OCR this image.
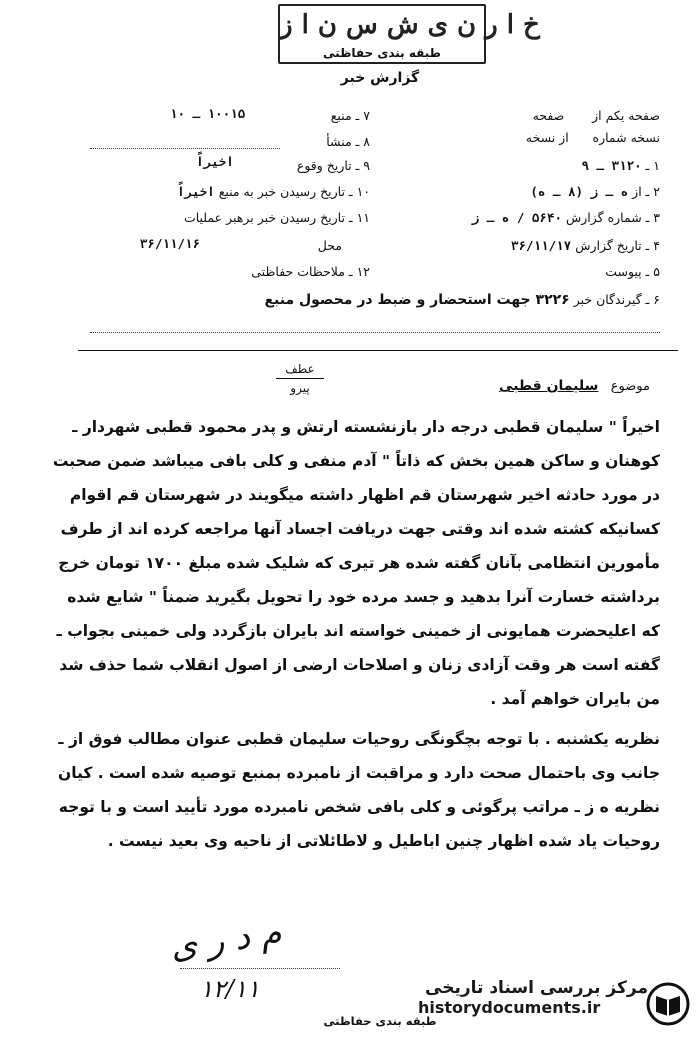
خ ا ر ن ی ش س ن ا ز
طبقه بندی حفاظتی
گزارش خبر
۷ ـ منبع
۱۰۰۱۵ ـ ۱۰
۸ ـ منشأ
۹ ـ تاریخ وقوع
اخیراً
۱۰ ـ تاریخ رسیدن خبر به منبع اخیراً
۱۱ ـ تاریخ رسیدن خبر برهبر عملیات
محل
۳۶/۱۱/۱۶
۱۲ ـ ملاحظات حفاظتی
صفحه یکم از       صفحه
نسخه شماره      از نسخه
۱ ـ ۳۱۲۰ ـ ۹
۲ ـ از ه ـ ز (۸ ـ ه)
۳ ـ شماره گزارش ۵۶۴۰ / ه ـ ز
۴ ـ تاریخ گزارش ۳۶/۱۱/۱۷
۵ ـ پیوست
۶ ـ گیرندگان خبر ۳۲۲۶ جهت استحضار و ضبط در محصول منبع
عطف
پیرو	موضوع   سلیمان قطبی
اخیراً " سلیمان قطبی درجه دار بازنشسته ارتش و پدر محمود قطبی شهردار ـ
کوهنان و ساکن همین بخش که ذاتاً " آدم منفی و کلی بافی میباشد ضمن صحبت
در مورد حادثه اخیر شهرستان قم اظهار داشته میگویند در شهرستان قم اقوام
کسانیکه کشته شده اند وقتی جهت دریافت اجساد آنها مراجعه کرده اند از طرف
مأمورین انتظامی بآنان گفته شده هر تیری که شلیک شده مبلغ ۱۷۰۰ تومان خرج
برداشته خسارت آنرا بدهید و جسد مرده خود را تحویل بگیرید ضمناً " شایع شده
که اعلیحضرت همایونی از خمینی خواسته اند بایران بازگردد ولی خمینی بجواب ـ
گفته است هر وقت آزادی زنان و اصلاحات ارضی از اصول انقلاب شما حذف شد
من بایران خواهم آمد .
نظریه یکشنبه . با توجه بچگونگی روحیات سلیمان قطبی عنوان مطالب فوق از ـ
جانب وی باحتمال صحت دارد و مراقبت از نامبرده بمنبع توصیه شده است . کیان
نظریه ه ز ـ مراتب پرگوئی و کلی بافی شخص نامبرده مورد تأیید است و با توجه
روحیات یاد شده اظهار چنین اباطیل و لاطائلاتی از ناحیه وی بعید نیست .
م د ر ی
۱۲/۱۱
طبقه بندی حفاظتی
مرکز بررسی اسناد تاریخی
historydocuments.ir
